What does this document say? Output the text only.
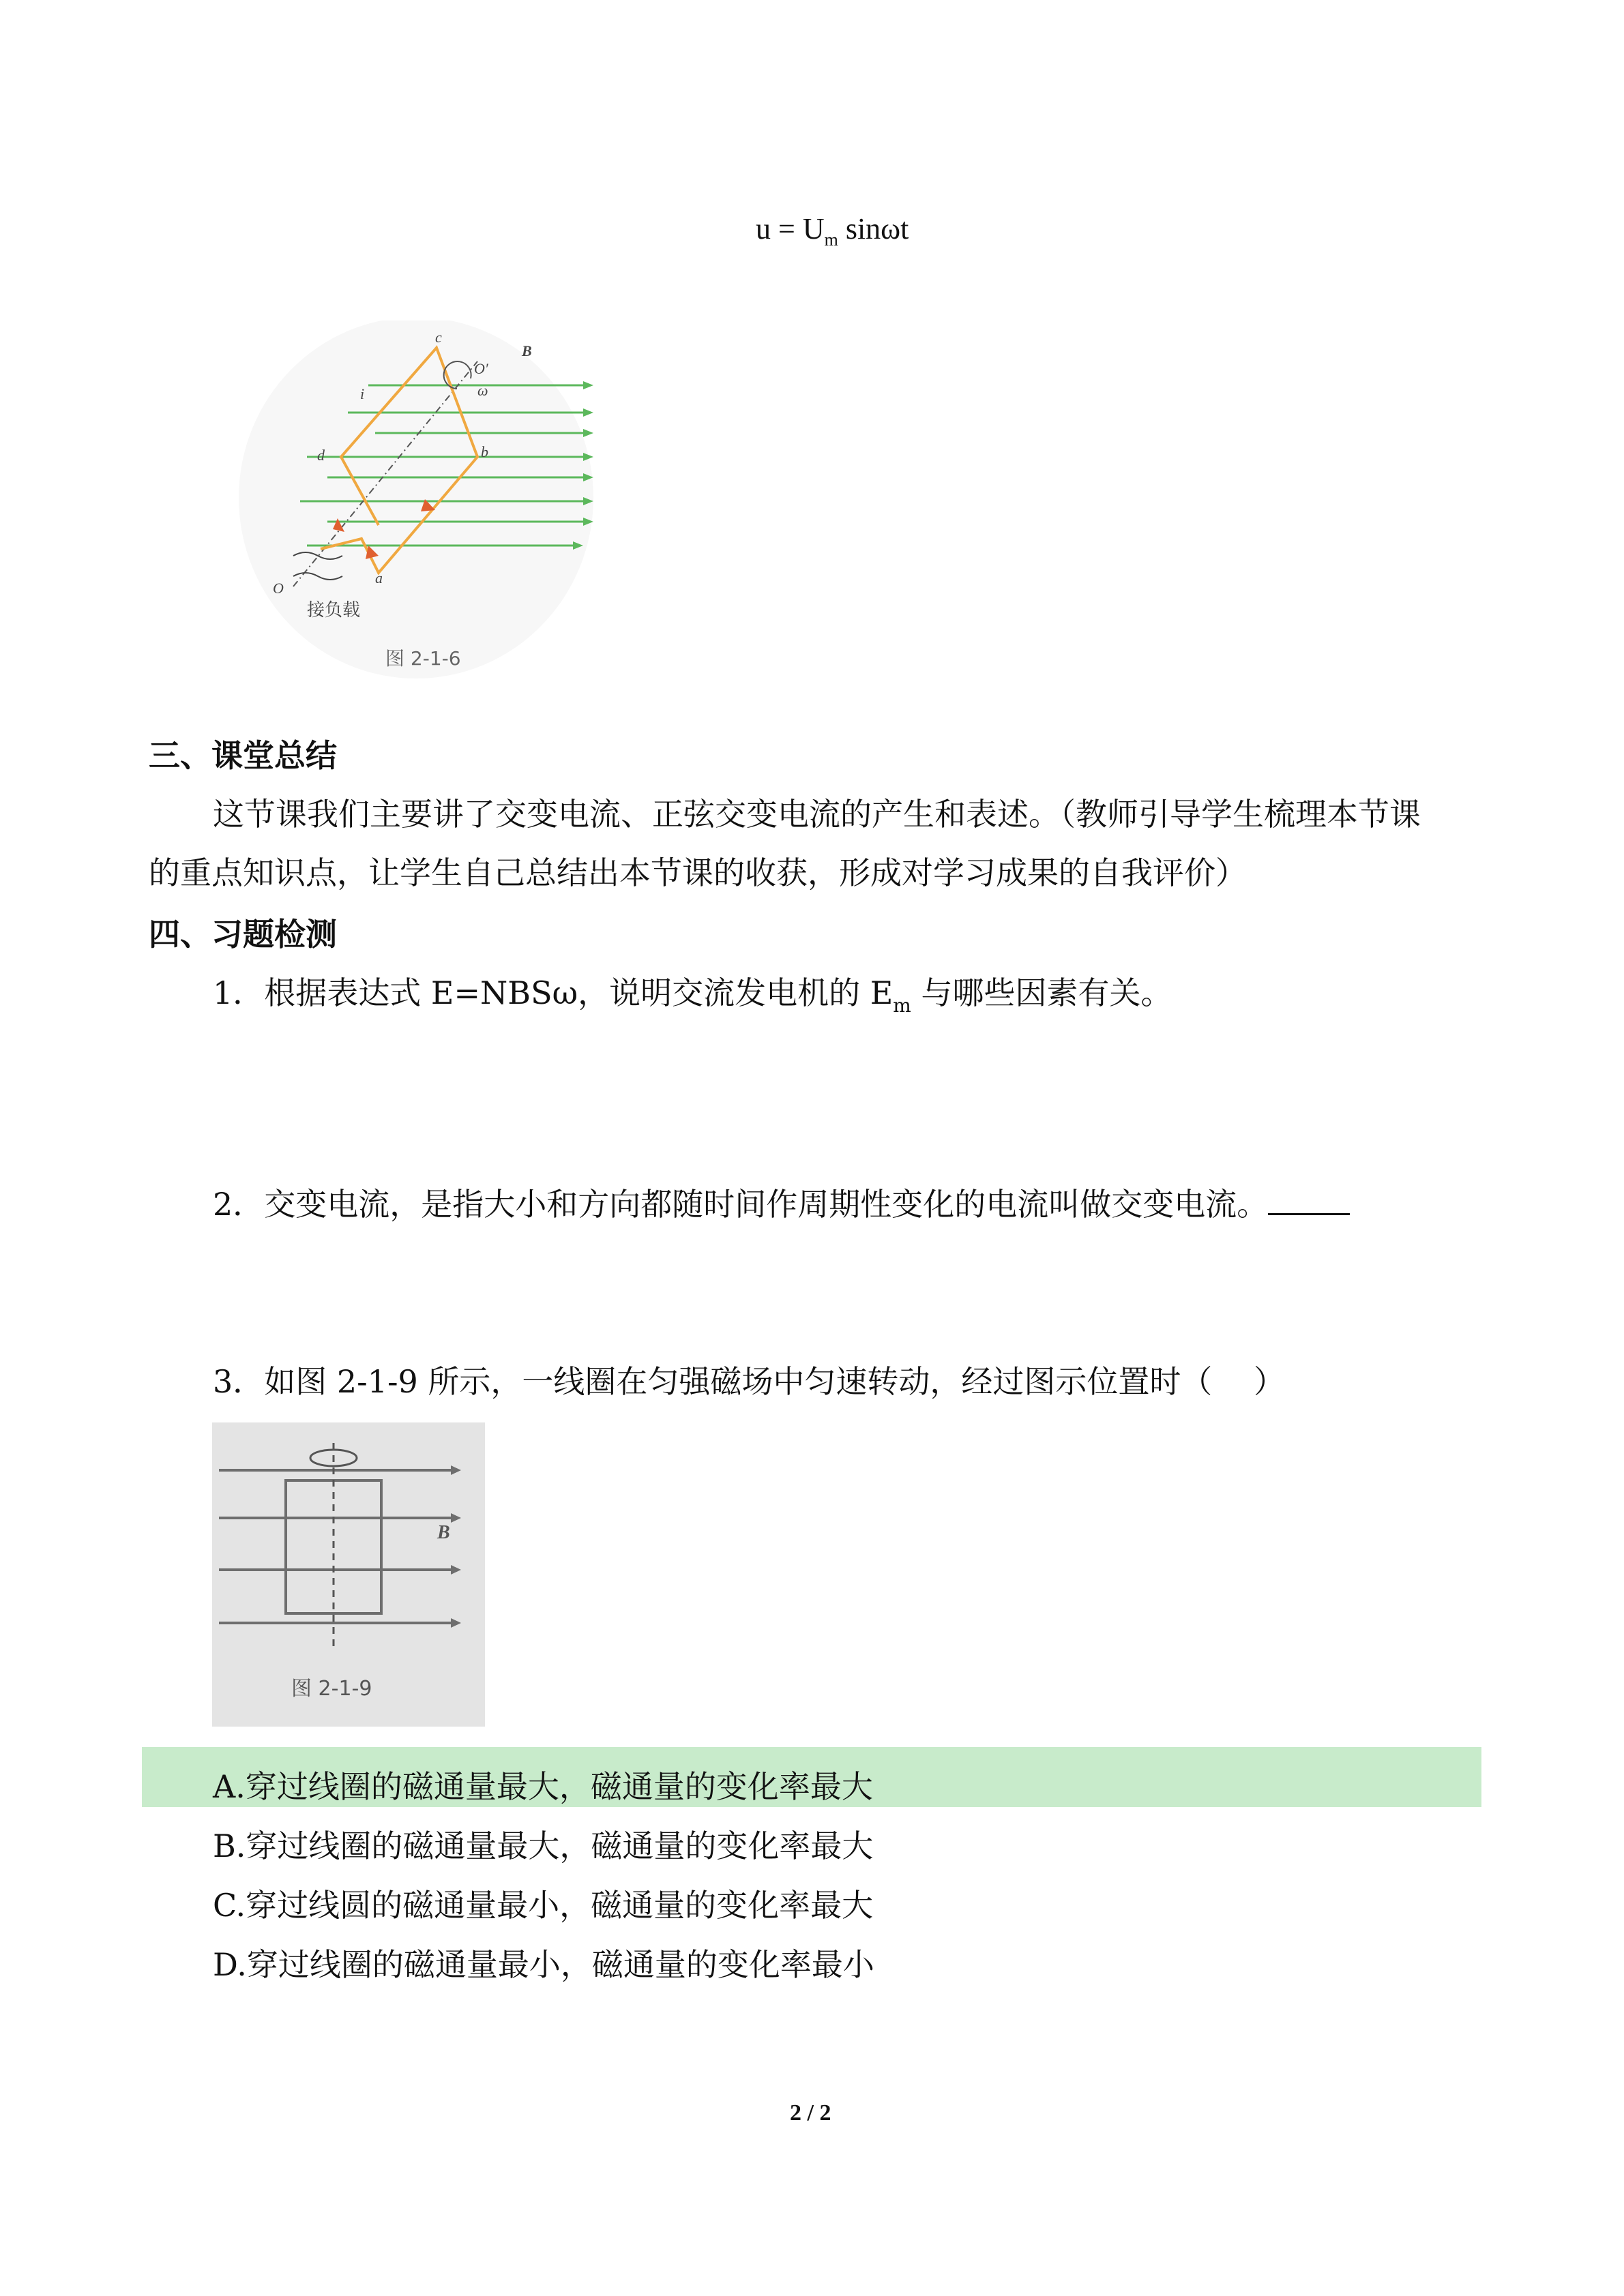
$u = U_m$ sinωt
c
b
d
a
i
O
O′
ω
B
接负载
图 2-1-6
三、课堂总结
这节课我们主要讲了交变电流、正弦交变电流的产生和表述。（教师引导学生梳理本节课
的重点知识点，让学生自己总结出本节课的收获，形成对学习成果的自我评价）
四、习题检测
1．根据表达式 E=NBSω，说明交流发电机的 $E_m$ 与哪些因素有关。
2．交变电流，是指大小和方向都随时间作周期性变化的电流叫做交变电流。
3．如图 2-1-9 所示，一线圈在匀强磁场中匀速转动，经过图示位置时（　 ）
B
图 2-1-9
A.穿过线圈的磁通量最大，磁通量的变化率最大
B.穿过线圈的磁通量最大，磁通量的变化率最大
C.穿过线圆的磁通量最小，磁通量的变化率最大
D.穿过线圈的磁通量最小，磁通量的变化率最小
2 / 2
